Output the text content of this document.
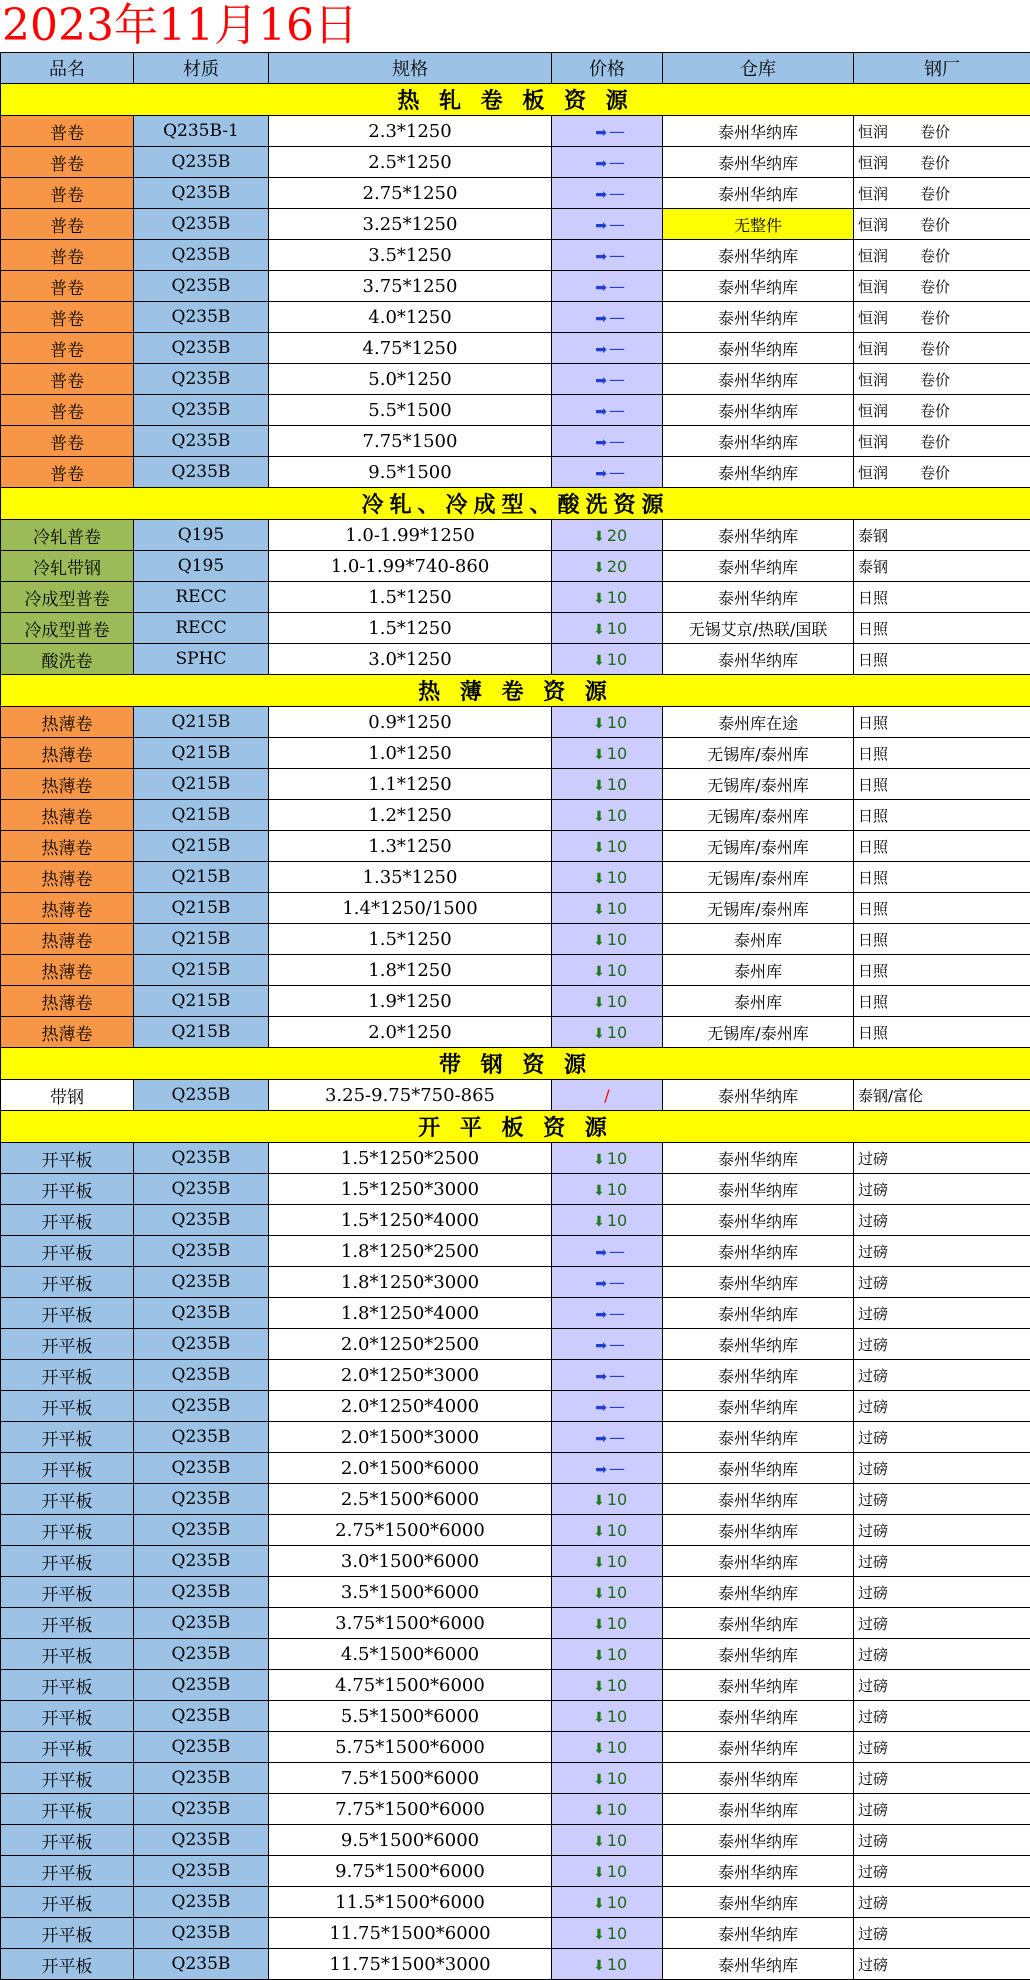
2023年11月16日
品名	材质	规格	价格	仓库	钢厂
热 轧 卷 板 资 源					
普卷	Q235B-1	2.3*1250	➡ —	泰州华纳库	恒润 卷价
普卷	Q235B	2.5*1250	➡ —	泰州华纳库	恒润 卷价
普卷	Q235B	2.75*1250	➡ —	泰州华纳库	恒润 卷价
普卷	Q235B	3.25*1250	➡ —	无整件	恒润 卷价
普卷	Q235B	3.5*1250	➡ —	泰州华纳库	恒润 卷价
普卷	Q235B	3.75*1250	➡ —	泰州华纳库	恒润 卷价
普卷	Q235B	4.0*1250	➡ —	泰州华纳库	恒润 卷价
普卷	Q235B	4.75*1250	➡ —	泰州华纳库	恒润 卷价
普卷	Q235B	5.0*1250	➡ —	泰州华纳库	恒润 卷价
普卷	Q235B	5.5*1500	➡ —	泰州华纳库	恒润 卷价
普卷	Q235B	7.75*1500	➡ —	泰州华纳库	恒润 卷价
普卷	Q235B	9.5*1500	➡ —	泰州华纳库	恒润 卷价
冷轧、冷成型、酸洗资源					
冷轧普卷	Q195	1.0-1.99*1250	⬇ 20	泰州华纳库	泰钢
冷轧带钢	Q195	1.0-1.99*740-860	⬇ 20	泰州华纳库	泰钢
冷成型普卷	RECC	1.5*1250	⬇ 10	泰州华纳库	日照
冷成型普卷	RECC	1.5*1250	⬇ 10	无锡艾京/热联/国联	日照
酸洗卷	SPHC	3.0*1250	⬇ 10	泰州华纳库	日照
热 薄 卷 资 源					
热薄卷	Q215B	0.9*1250	⬇ 10	泰州库在途	日照
热薄卷	Q215B	1.0*1250	⬇ 10	无锡库/泰州库	日照
热薄卷	Q215B	1.1*1250	⬇ 10	无锡库/泰州库	日照
热薄卷	Q215B	1.2*1250	⬇ 10	无锡库/泰州库	日照
热薄卷	Q215B	1.3*1250	⬇ 10	无锡库/泰州库	日照
热薄卷	Q215B	1.35*1250	⬇ 10	无锡库/泰州库	日照
热薄卷	Q215B	1.4*1250/1500	⬇ 10	无锡库/泰州库	日照
热薄卷	Q215B	1.5*1250	⬇ 10	泰州库	日照
热薄卷	Q215B	1.8*1250	⬇ 10	泰州库	日照
热薄卷	Q215B	1.9*1250	⬇ 10	泰州库	日照
热薄卷	Q215B	2.0*1250	⬇ 10	无锡库/泰州库	日照
带 钢 资 源					
带钢	Q235B	3.25-9.75*750-865	/	泰州华纳库	泰钢/富伦
开 平 板 资 源					
开平板	Q235B	1.5*1250*2500	⬇ 10	泰州华纳库	过磅
开平板	Q235B	1.5*1250*3000	⬇ 10	泰州华纳库	过磅
开平板	Q235B	1.5*1250*4000	⬇ 10	泰州华纳库	过磅
开平板	Q235B	1.8*1250*2500	➡ —	泰州华纳库	过磅
开平板	Q235B	1.8*1250*3000	➡ —	泰州华纳库	过磅
开平板	Q235B	1.8*1250*4000	➡ —	泰州华纳库	过磅
开平板	Q235B	2.0*1250*2500	➡ —	泰州华纳库	过磅
开平板	Q235B	2.0*1250*3000	➡ —	泰州华纳库	过磅
开平板	Q235B	2.0*1250*4000	➡ —	泰州华纳库	过磅
开平板	Q235B	2.0*1500*3000	➡ —	泰州华纳库	过磅
开平板	Q235B	2.0*1500*6000	➡ —	泰州华纳库	过磅
开平板	Q235B	2.5*1500*6000	⬇ 10	泰州华纳库	过磅
开平板	Q235B	2.75*1500*6000	⬇ 10	泰州华纳库	过磅
开平板	Q235B	3.0*1500*6000	⬇ 10	泰州华纳库	过磅
开平板	Q235B	3.5*1500*6000	⬇ 10	泰州华纳库	过磅
开平板	Q235B	3.75*1500*6000	⬇ 10	泰州华纳库	过磅
开平板	Q235B	4.5*1500*6000	⬇ 10	泰州华纳库	过磅
开平板	Q235B	4.75*1500*6000	⬇ 10	泰州华纳库	过磅
开平板	Q235B	5.5*1500*6000	⬇ 10	泰州华纳库	过磅
开平板	Q235B	5.75*1500*6000	⬇ 10	泰州华纳库	过磅
开平板	Q235B	7.5*1500*6000	⬇ 10	泰州华纳库	过磅
开平板	Q235B	7.75*1500*6000	⬇ 10	泰州华纳库	过磅
开平板	Q235B	9.5*1500*6000	⬇ 10	泰州华纳库	过磅
开平板	Q235B	9.75*1500*6000	⬇ 10	泰州华纳库	过磅
开平板	Q235B	11.5*1500*6000	⬇ 10	泰州华纳库	过磅
开平板	Q235B	11.75*1500*6000	⬇ 10	泰州华纳库	过磅
开平板	Q235B	11.75*1500*3000	⬇ 10	泰州华纳库	过磅
